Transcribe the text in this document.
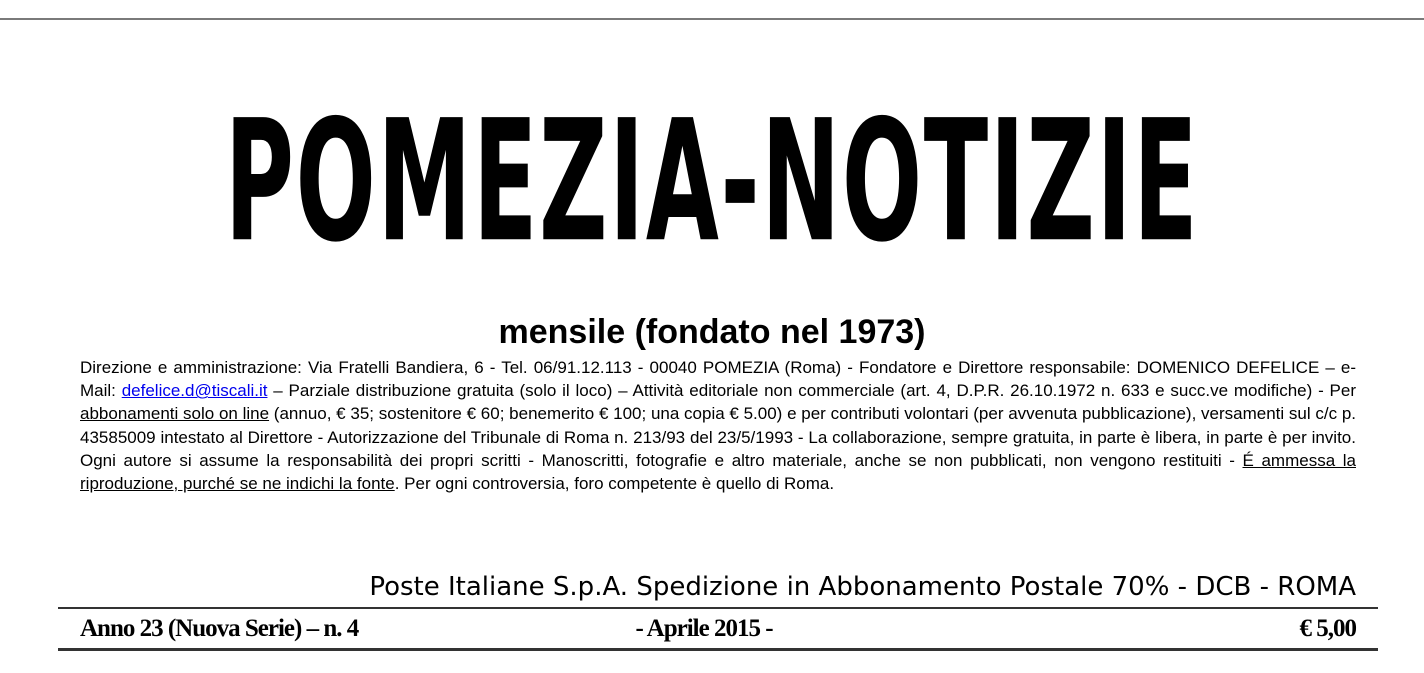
POMEZIA-NOTIZIE
mensile (fondato nel 1973)
Direzione e amministrazione: Via Fratelli Bandiera, 6 - Tel. 06/91.12.113 - 00040 POMEZIA (Roma) - Fondatore e Direttore responsabile: DOMENICO DEFELICE – e-Mail: defelice.d@tiscali.it – Parziale distribuzione gratuita (solo il loco) – Attività editoriale non commerciale (art. 4, D.P.R. 26.10.1972 n. 633 e succ.ve modifiche) - Per abbonamenti solo on line (annuo, € 35; sostenitore € 60; benemerito € 100; una copia € 5.00) e per contributi volontari (per avvenuta pubblicazione), versamenti sul c/c p. 43585009 intestato al Direttore - Autorizzazione del Tribunale di Roma n. 213/93 del 23/5/1993 - La collaborazione, sempre gratuita, in parte è libera, in parte è per invito. Ogni autore si assume la responsabilità dei propri scritti - Manoscritti, fotografie e altro materiale, anche se non pubblicati, non vengono restituiti - É ammessa la riproduzione, purché se ne indichi la fonte. Per ogni controversia, foro competente è quello di Roma.
Poste Italiane S.p.A. Spedizione in Abbonamento Postale 70% - DCB - ROMA
Anno 23 (Nuova Serie) – n. 4	- Aprile 2015 -	€ 5,00
